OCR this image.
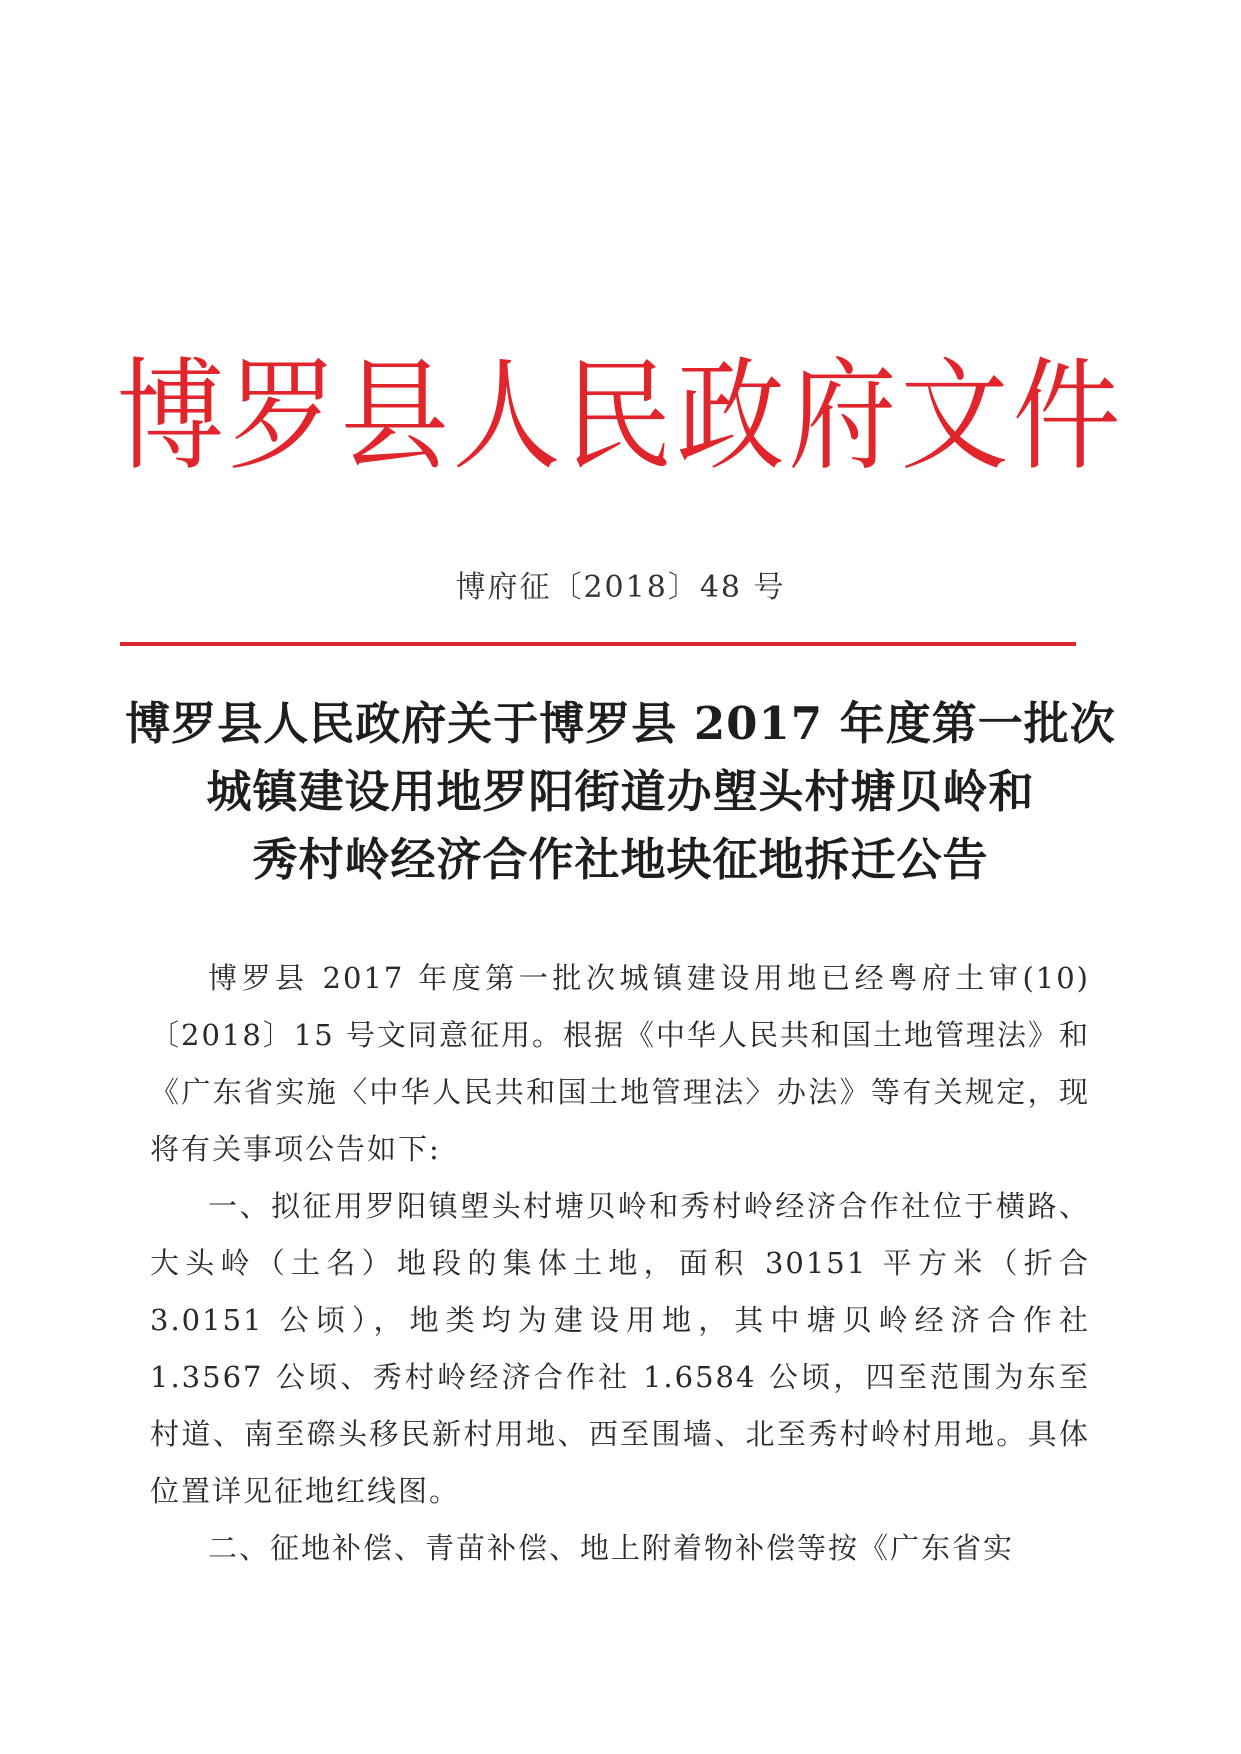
博罗县人民政府文件
博府征〔2018〕48 号
博罗县人民政府关于博罗县 2017 年度第一批次
城镇建设用地罗阳街道办塱头村塘贝岭和
秀村岭经济合作社地块征地拆迁公告

博罗县 2017 年度第一批次城镇建设用地已经粤府土审(10)〔2018〕15 号文同意征用。根据《中华人民共和国土地管理法》和《广东省实施〈中华人民共和国土地管理法〉办法》等有关规定，现将有关事项公告如下:

一、拟征用罗阳镇塱头村塘贝岭和秀村岭经济合作社位于横路、大头岭（土名）地段的集体土地，面积 30151 平方米（折合 3.0151 公顷），地类均为建设用地，其中塘贝岭经济合作社 1.3567 公顷、秀村岭经济合作社 1.6584 公顷，四至范围为东至村道、南至磜头移民新村用地、西至围墙、北至秀村岭村用地。具体位置详见征地红线图。

二、征地补偿、青苗补偿、地上附着物补偿等按《广东省实
